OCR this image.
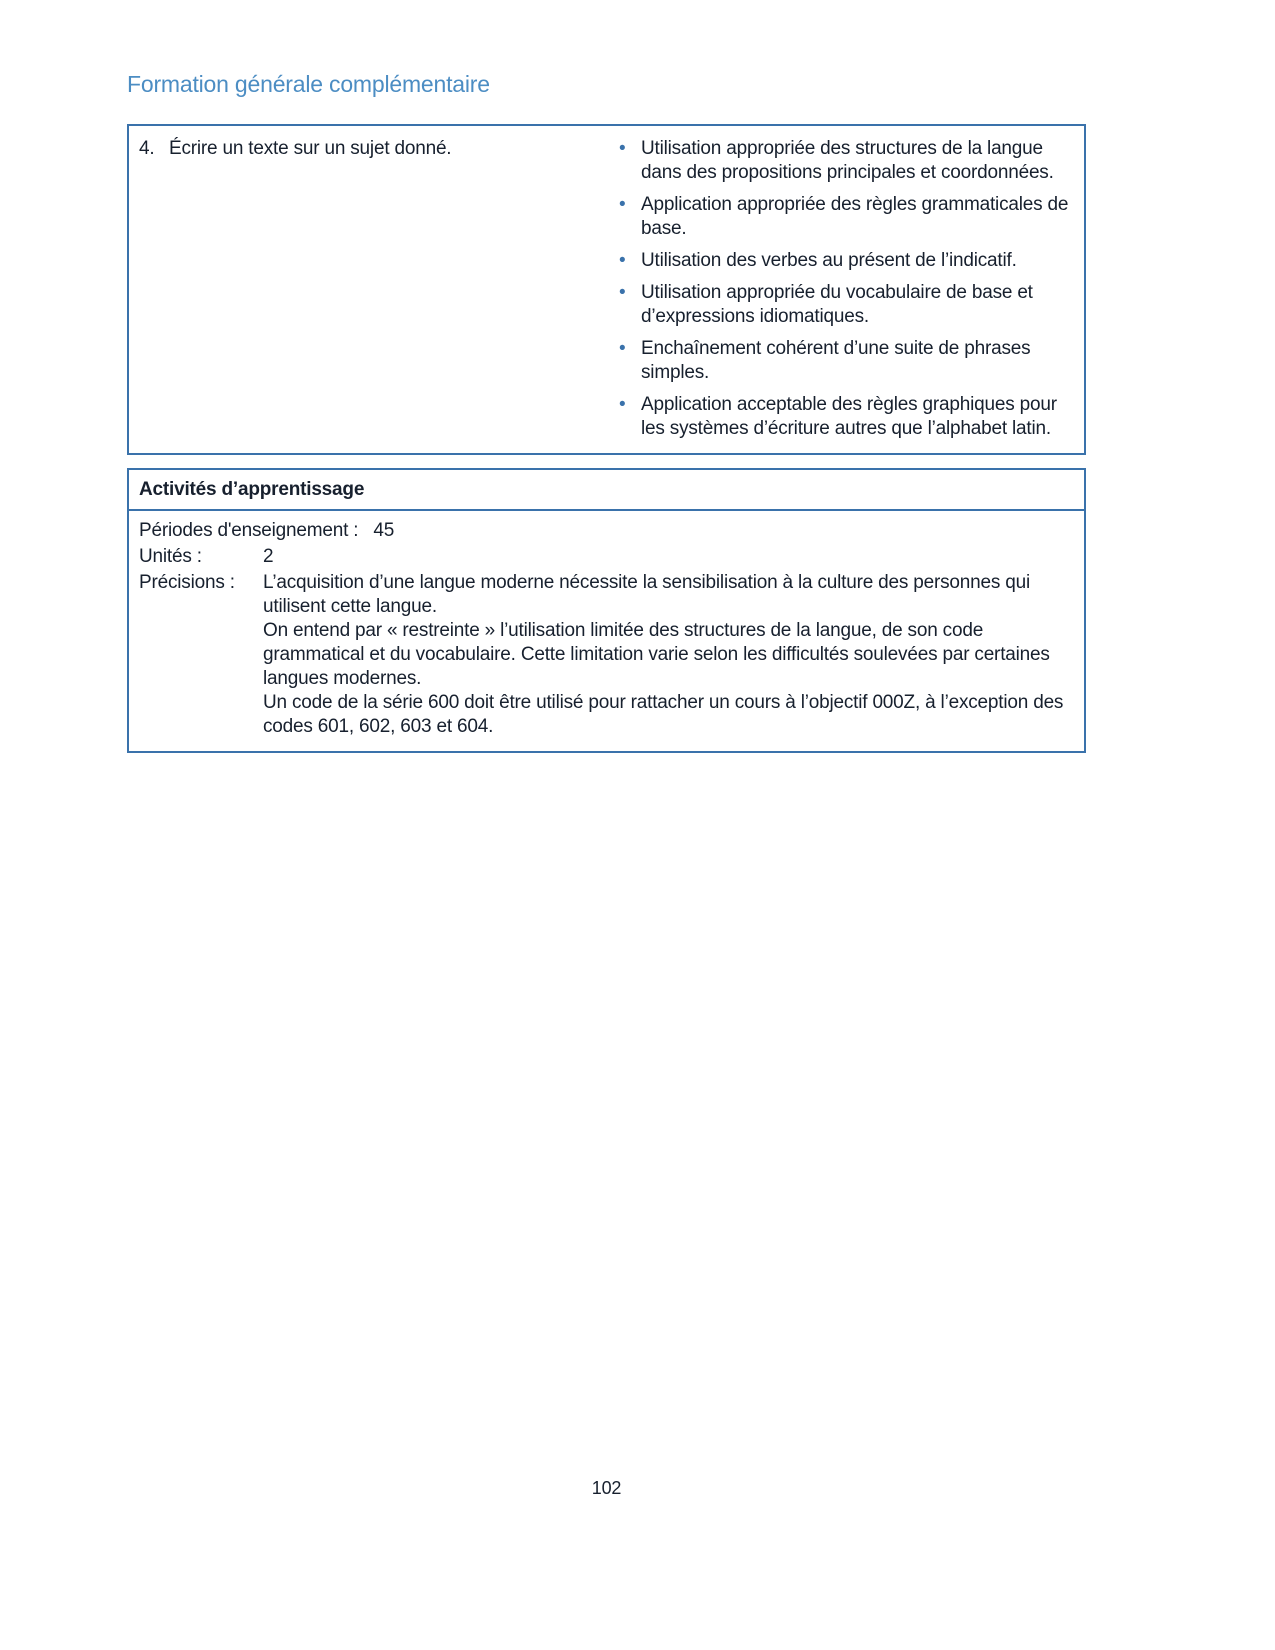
Formation générale complémentaire
4. Écrire un texte sur un sujet donné.	• Utilisation appropriée des structures de la langue dans des propositions principales et coordonnées.
• Application appropriée des règles grammaticales de base.
• Utilisation des verbes au présent de l’indicatif.
• Utilisation appropriée du vocabulaire de base et d’expressions idiomatiques.
• Enchaînement cohérent d’une suite de phrases simples.
• Application acceptable des règles graphiques pour les systèmes d’écriture autres que l’alphabet latin.
Activités d’apprentissage
Périodes d'enseignement : 45
Unités :	2
Précisions :	L’acquisition d’une langue moderne nécessite la sensibilisation à la culture des personnes qui utilisent cette langue.

On entend par « restreinte » l’utilisation limitée des structures de la langue, de son code grammatical et du vocabulaire. Cette limitation varie selon les difficultés soulevées par certaines langues modernes.

Un code de la série 600 doit être utilisé pour rattacher un cours à l’objectif 000Z, à l’exception des codes 601, 602, 603 et 604.

102
